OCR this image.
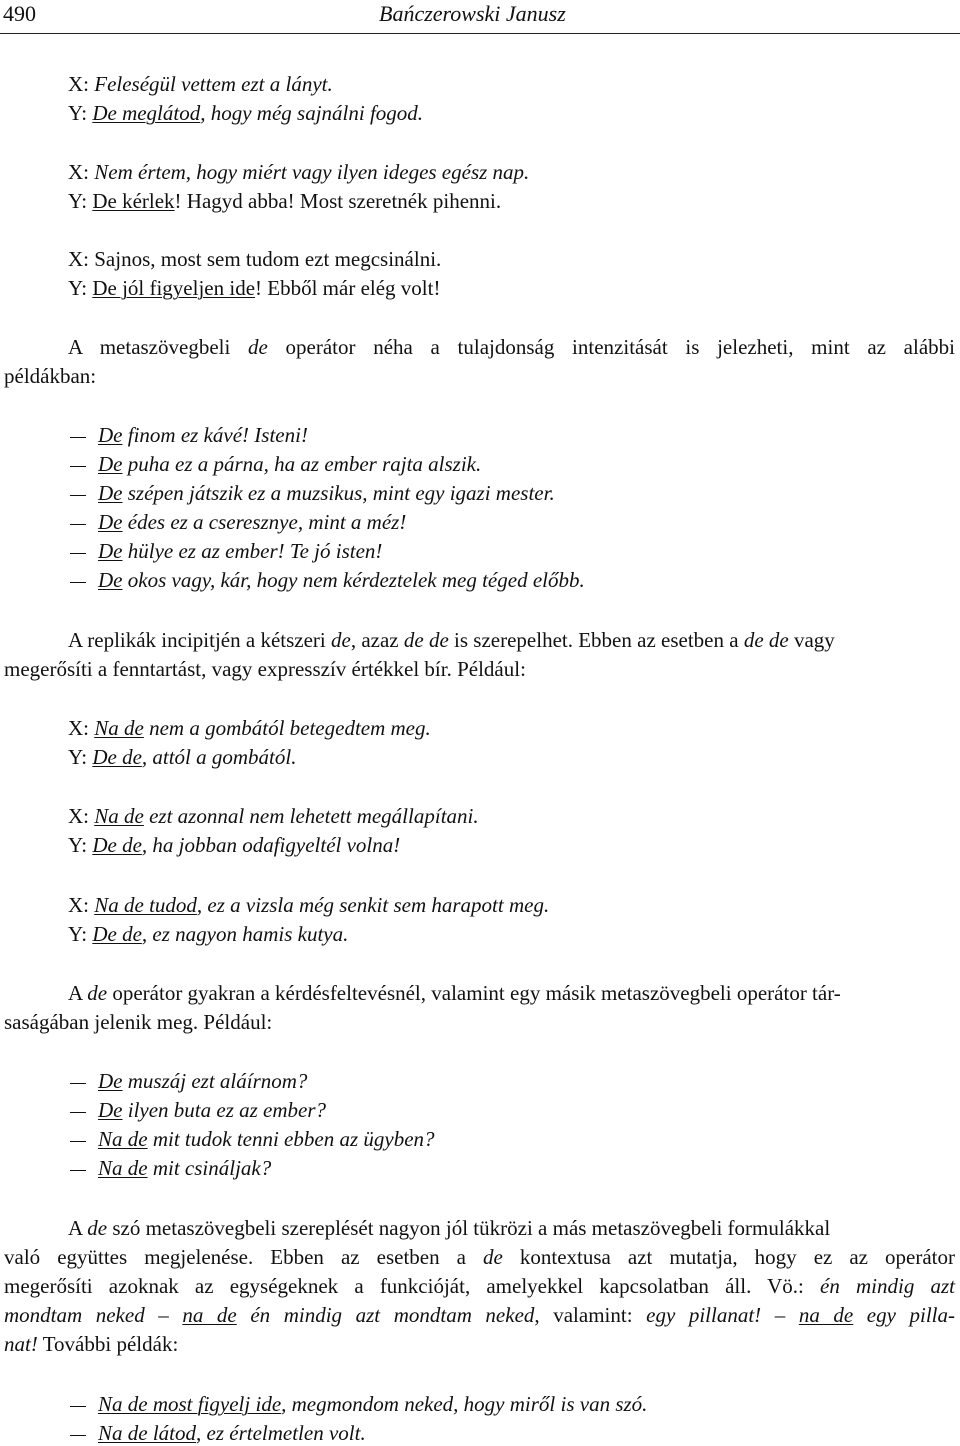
490	Bańczerowski Janusz
X: Feleségül vettem ezt a lányt.
Y: De meglátod, hogy még sajnálni fogod.
X: Nem értem, hogy miért vagy ilyen ideges egész nap.
Y: De kérlek! Hagyd abba! Most szeretnék pihenni.
X: Sajnos, most sem tudom ezt megcsinálni.
Y: De jól figyeljen ide! Ebből már elég volt!
A metaszövegbeli de operátor néha a tulajdonság intenzitását is jelezheti, mint az alábbi
példákban:
De finom ez kávé! Isteni!
De puha ez a párna, ha az ember rajta alszik.
De szépen játszik ez a muzsikus, mint egy igazi mester.
De édes ez a cseresznye, mint a méz!
De hülye ez az ember! Te jó isten!
De okos vagy, kár, hogy nem kérdeztelek meg téged előbb.
A replikák incipitjén a kétszeri de, azaz de de is szerepelhet. Ebben az esetben a de de vagy
megerősíti a fenntartást, vagy expresszív értékkel bír. Például:
X: Na de nem a gombától betegedtem meg.
Y: De de, attól a gombától.
X: Na de ezt azonnal nem lehetett megállapítani.
Y: De de, ha jobban odafigyeltél volna!
X: Na de tudod, ez a vizsla még senkit sem harapott meg.
Y: De de, ez nagyon hamis kutya.
A de operátor gyakran a kérdésfeltevésnél, valamint egy másik metaszövegbeli operátor tár-
saságában jelenik meg. Például:
De muszáj ezt aláírnom?
De ilyen buta ez az ember?
Na de mit tudok tenni ebben az ügyben?
Na de mit csináljak?
A de szó metaszövegbeli szereplését nagyon jól tükrözi a más metaszövegbeli formulákkal
való együttes megjelenése. Ebben az esetben a de kontextusa azt mutatja, hogy ez az operátor
megerősíti azoknak az egységeknek a funkcióját, amelyekkel kapcsolatban áll. Vö.: én mindig azt
mondtam neked – na de én mindig azt mondtam neked, valamint: egy pillanat! – na de egy pilla-
nat! További példák:
Na de most figyelj ide, megmondom neked, hogy miről is van szó.
Na de látod, ez értelmetlen volt.
